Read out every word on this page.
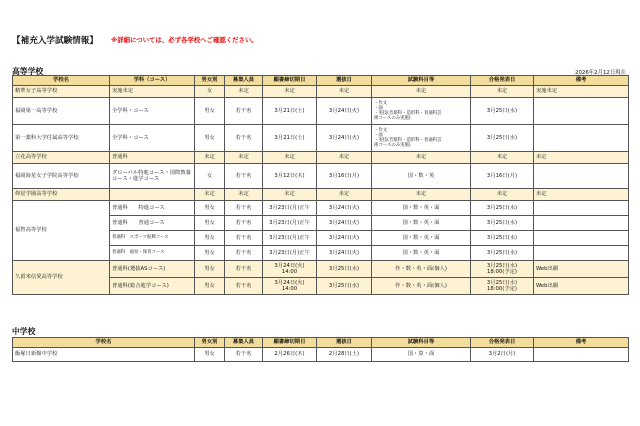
【補充入学試験情報】 ※詳細については、必ず各学校へご確認ください。
高等学校	2026年2月12日現在
学校名	学科（コース）	男女別	募集人員	願書締切期日	選抜日	試験科目等	合格発表日	備考
精華女子高等学校	実施未定	女	未定	未定	未定	未定	未定	実施未定
福岡第一高等学校	全学科・コース	男女	若干名	3月21日(土)	3月24日(火)	・作文
・面
・実技(音楽科・造形科・普通科芸
術コースのみ実施)	3月25日(水)	
第一薬科大学付属高等学校	全学科・コース	男女	若干名	3月21日(土)	3月24日(火)	・作文
・面
・実技(音楽科・造形科・普通科芸
術コースのみ実施)	3月25日(水)	
立花高等学校	普通科	未定	未定	未定	未定	未定	未定	未定
福岡海星女子学院高等学校	グローバル特進コース・国際教養コース・進学コース	女	若干名	3月12日(木)	3月16日(月)	国・数・英	3月16日(月)	
仰星学園高等学校		未定	未定	未定	未定	未定	未定	未定
福智高等学校	普通科　　特進コース	男女	若干名	3月23日(月)正午	3月24日(火)	国・数・英・面	3月25日(水)	
	普通科　　普通コース	男女	若干名	3月23日(月)正午	3月24日(火)	国・数・英・面	3月25日(水)	
	普通科　スポーツ振興コース	男女	若干名	3月23日(月)正午	3月24日(火)	国・数・英・面	3月25日(水)	
	普通科　福祉・保育コース	男女	若干名	3月23日(月)正午	3月24日(火)	国・数・英・面	3月25日(水)	
久留米信愛高等学校	普通科(選抜ASコース)	男女	若干名	3月24日(火)
14:00	3月25日(水)	作・数・英・面(個人)	3月25日(水)
18:00(予定)	Web出願
	普通科(総合進学コース)	男女	若干名	3月24日(火)
14:00	3月25日(水)	作・数・英・面(個人)	3月25日(水)
18:00(予定)	Web出願
中学校
学校名	男女別	募集人員	願書締切期日	選抜日	試験科目等	合格発表日	備考
飯塚日新館中学校	男女	若干名	2月26日(木)	2月28日(土)	国・算・面	3月2日(月)	
